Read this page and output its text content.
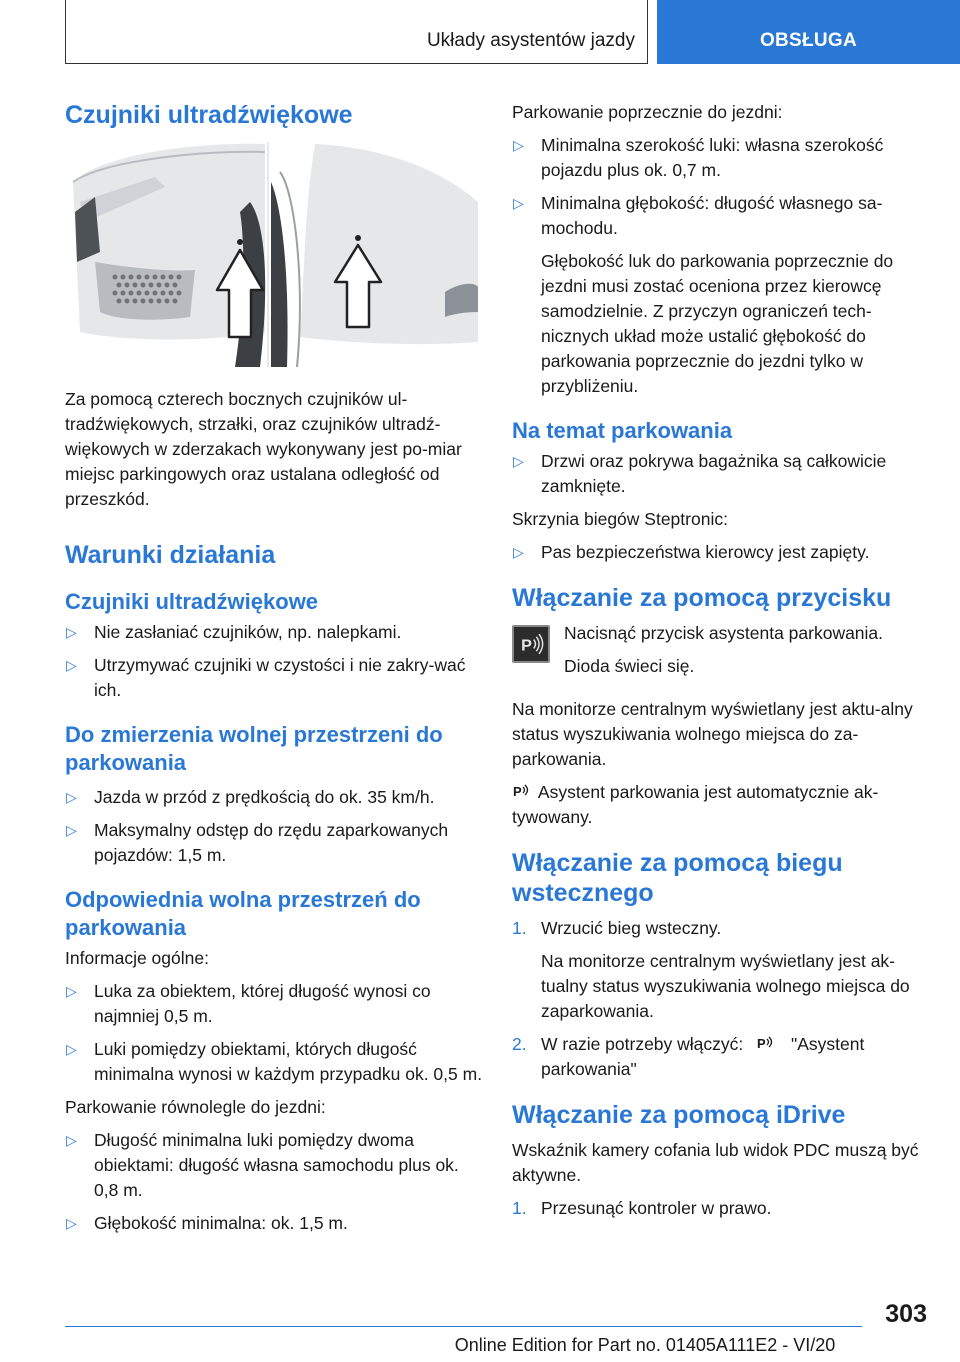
Układy asystentów jazdy	OBSŁUGA
Czujniki ultradźwiękowe
Za pomocą czterech bocznych czujników ul-tradźwiękowych, strzałki, oraz czujników ultradź-więkowych w zderzakach wykonywany jest po-miar miejsc parkingowych oraz ustalana odległość od przeszkód.
Warunki działania
Czujniki ultradźwiękowe
▷ Nie zasłaniać czujników, np. nalepkami.
▷ Utrzymywać czujniki w czystości i nie zakry-wać ich.
Do zmierzenia wolnej przestrzeni do parkowania
▷ Jazda w przód z prędkością do ok. 35 km/h.
▷ Maksymalny odstęp do rzędu zaparkowanych pojazdów: 1,5 m.
Odpowiednia wolna przestrzeń do parkowania
Informacje ogólne:
▷ Luka za obiektem, której długość wynosi co najmniej 0,5 m.
▷ Luki pomiędzy obiektami, których długość minimalna wynosi w każdym przypadku ok. 0,5 m.
Parkowanie równolegle do jezdni:
▷ Długość minimalna luki pomiędzy dwoma obiektami: długość własna samochodu plus ok. 0,8 m.
▷ Głębokość minimalna: ok. 1,5 m.
Parkowanie poprzecznie do jezdni:
▷ Minimalna szerokość luki: własna szerokość pojazdu plus ok. 0,7 m.
▷ Minimalna głębokość: długość własnego sa-mochodu.
Głębokość luk do parkowania poprzecznie do jezdni musi zostać oceniona przez kierowcę samodzielnie. Z przyczyn ograniczeń tech-nicznych układ może ustalić głębokość do parkowania poprzecznie do jezdni tylko w przybliżeniu.
Na temat parkowania
▷ Drzwi oraz pokrywa bagażnika są całkowicie zamknięte.
Skrzynia biegów Steptronic:
▷ Pas bezpieczeństwa kierowcy jest zapięty.
Włączanie za pomocą przycisku
P
Nacisnąć przycisk asystenta parkowania.
Dioda świeci się.
Na monitorze centralnym wyświetlany jest aktu-alny status wyszukiwania wolnego miejsca do za-parkowania.
P Asystent parkowania jest automatycznie ak-tywowany.
Włączanie za pomocą biegu wstecznego
1. Wrzucić bieg wsteczny.
Na monitorze centralnym wyświetlany jest ak-tualny status wyszukiwania wolnego miejsca do zaparkowania.
2. W razie potrzeby włączyć: P "Asystent parkowania"
Włączanie za pomocą iDrive
Wskaźnik kamery cofania lub widok PDC muszą być aktywne.
1. Przesunąć kontroler w prawo.
303
Online Edition for Part no. 01405A111E2 - VI/20
